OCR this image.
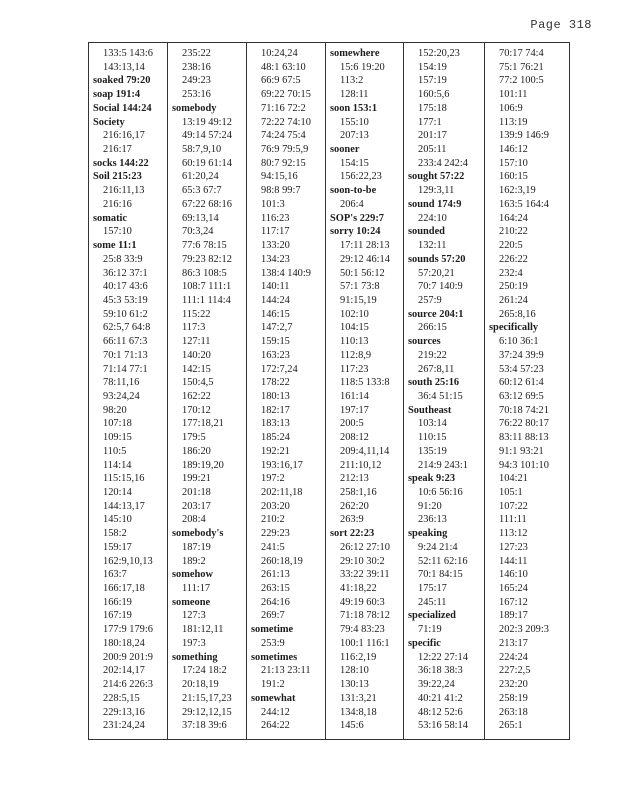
Page 318
133:5 143:6
143:13,14
soaked 79:20
soap 191:4
Social 144:24
Society
216:16,17
216:17
socks 144:22
Soil 215:23
216:11,13
216:16
somatic
157:10
some 11:1
25:8 33:9
36:12 37:1
40:17 43:6
45:3 53:19
59:10 61:2
62:5,7 64:8
66:11 67:3
70:1 71:13
71:14 77:1
78:11,16
93:24,24
98:20
107:18
109:15
110:5
114:14
115:15,16
120:14
144:13,17
145:10
158:2
159:17
162:9,10,13
163:7
166:17,18
166:19
167:19
177:9 179:6
180:18,24
200:9 201:9
202:14,17
214:6 226:3
228:5,15
229:13,16
231:24,24
235:22
238:16
249:23
253:16
somebody
13:19 49:12
49:14 57:24
58:7,9,10
60:19 61:14
61:20,24
65:3 67:7
67:22 68:16
69:13,14
70:3,24
77:6 78:15
79:23 82:12
86:3 108:5
108:7 111:1
111:1 114:4
115:22
117:3
127:11
140:20
142:15
150:4,5
162:22
170:12
177:18,21
179:5
186:20
189:19,20
199:21
201:18
203:17
208:4
somebody's
187:19
189:2
somehow
111:17
someone
127:3
181:12,11
197:3
something
17:24 18:2
20:18,19
21:15,17,23
29:12,12,15
37:18 39:6
10:24,24
48:1 63:10
66:9 67:5
69:22 70:15
71:16 72:2
72:22 74:10
74:24 75:4
76:9 79:5,9
80:7 92:15
94:15,16
98:8 99:7
101:3
116:23
117:17
133:20
134:23
138:4 140:9
140:11
144:24
146:15
147:2,7
159:15
163:23
172:7,24
178:22
180:13
182:17
183:13
185:24
192:21
193:16,17
197:2
202:11,18
203:20
210:2
229:23
241:5
260:18,19
261:13
263:15
264:16
269:7
sometime
253:9
sometimes
21:13 23:11
191:2
somewhat
244:12
264:22
somewhere
15:6 19:20
113:2
128:11
soon 153:1
155:10
207:13
sooner
154:15
156:22,23
soon-to-be
206:4
SOP's 229:7
sorry 10:24
17:11 28:13
29:12 46:14
50:1 56:12
57:1 73:8
91:15,19
102:10
104:15
110:13
112:8,9
117:23
118:5 133:8
161:14
197:17
200:5
208:12
209:4,11,14
211:10,12
212:13
258:1,16
262:20
263:9
sort 22:23
26:12 27:10
29:10 30:2
33:22 39:11
41:18,22
49:19 60:3
71:18 78:12
79:4 83:23
100:1 116:1
116:2,19
128:10
130:13
131:3,21
134:8,18
145:6
152:20,23
154:19
157:19
160:5,6
175:18
177:1
201:17
205:11
233:4 242:4
sought 57:22
129:3,11
sound 174:9
224:10
sounded
132:11
sounds 57:20
57:20,21
70:7 140:9
257:9
source 204:1
266:15
sources
219:22
267:8,11
south 25:16
36:4 51:15
Southeast
103:14
110:15
135:19
214:9 243:1
speak 9:23
10:6 56:16
91:20
236:13
speaking
9:24 21:4
52:11 62:16
70:1 84:15
175:17
245:11
specialized
71:19
specific
12:22 27:14
36:18 38:3
39:22,24
40:21 41:2
48:12 52:6
53:16 58:14
70:17 74:4
75:1 76:21
77:2 100:5
101:11
106:9
113:19
139:9 146:9
146:12
157:10
160:15
162:3,19
163:5 164:4
164:24
210:22
220:5
226:22
232:4
250:19
261:24
265:8,16
specifically
6:10 36:1
37:24 39:9
53:4 57:23
60:12 61:4
63:12 69:5
70:18 74:21
76:22 80:17
83:11 88:13
91:1 93:21
94:3 101:10
104:21
105:1
107:22
111:11
113:12
127:23
144:11
146:10
165:24
167:12
189:17
202:3 209:3
213:17
224:24
227:2,5
232:20
258:19
263:18
265:1
